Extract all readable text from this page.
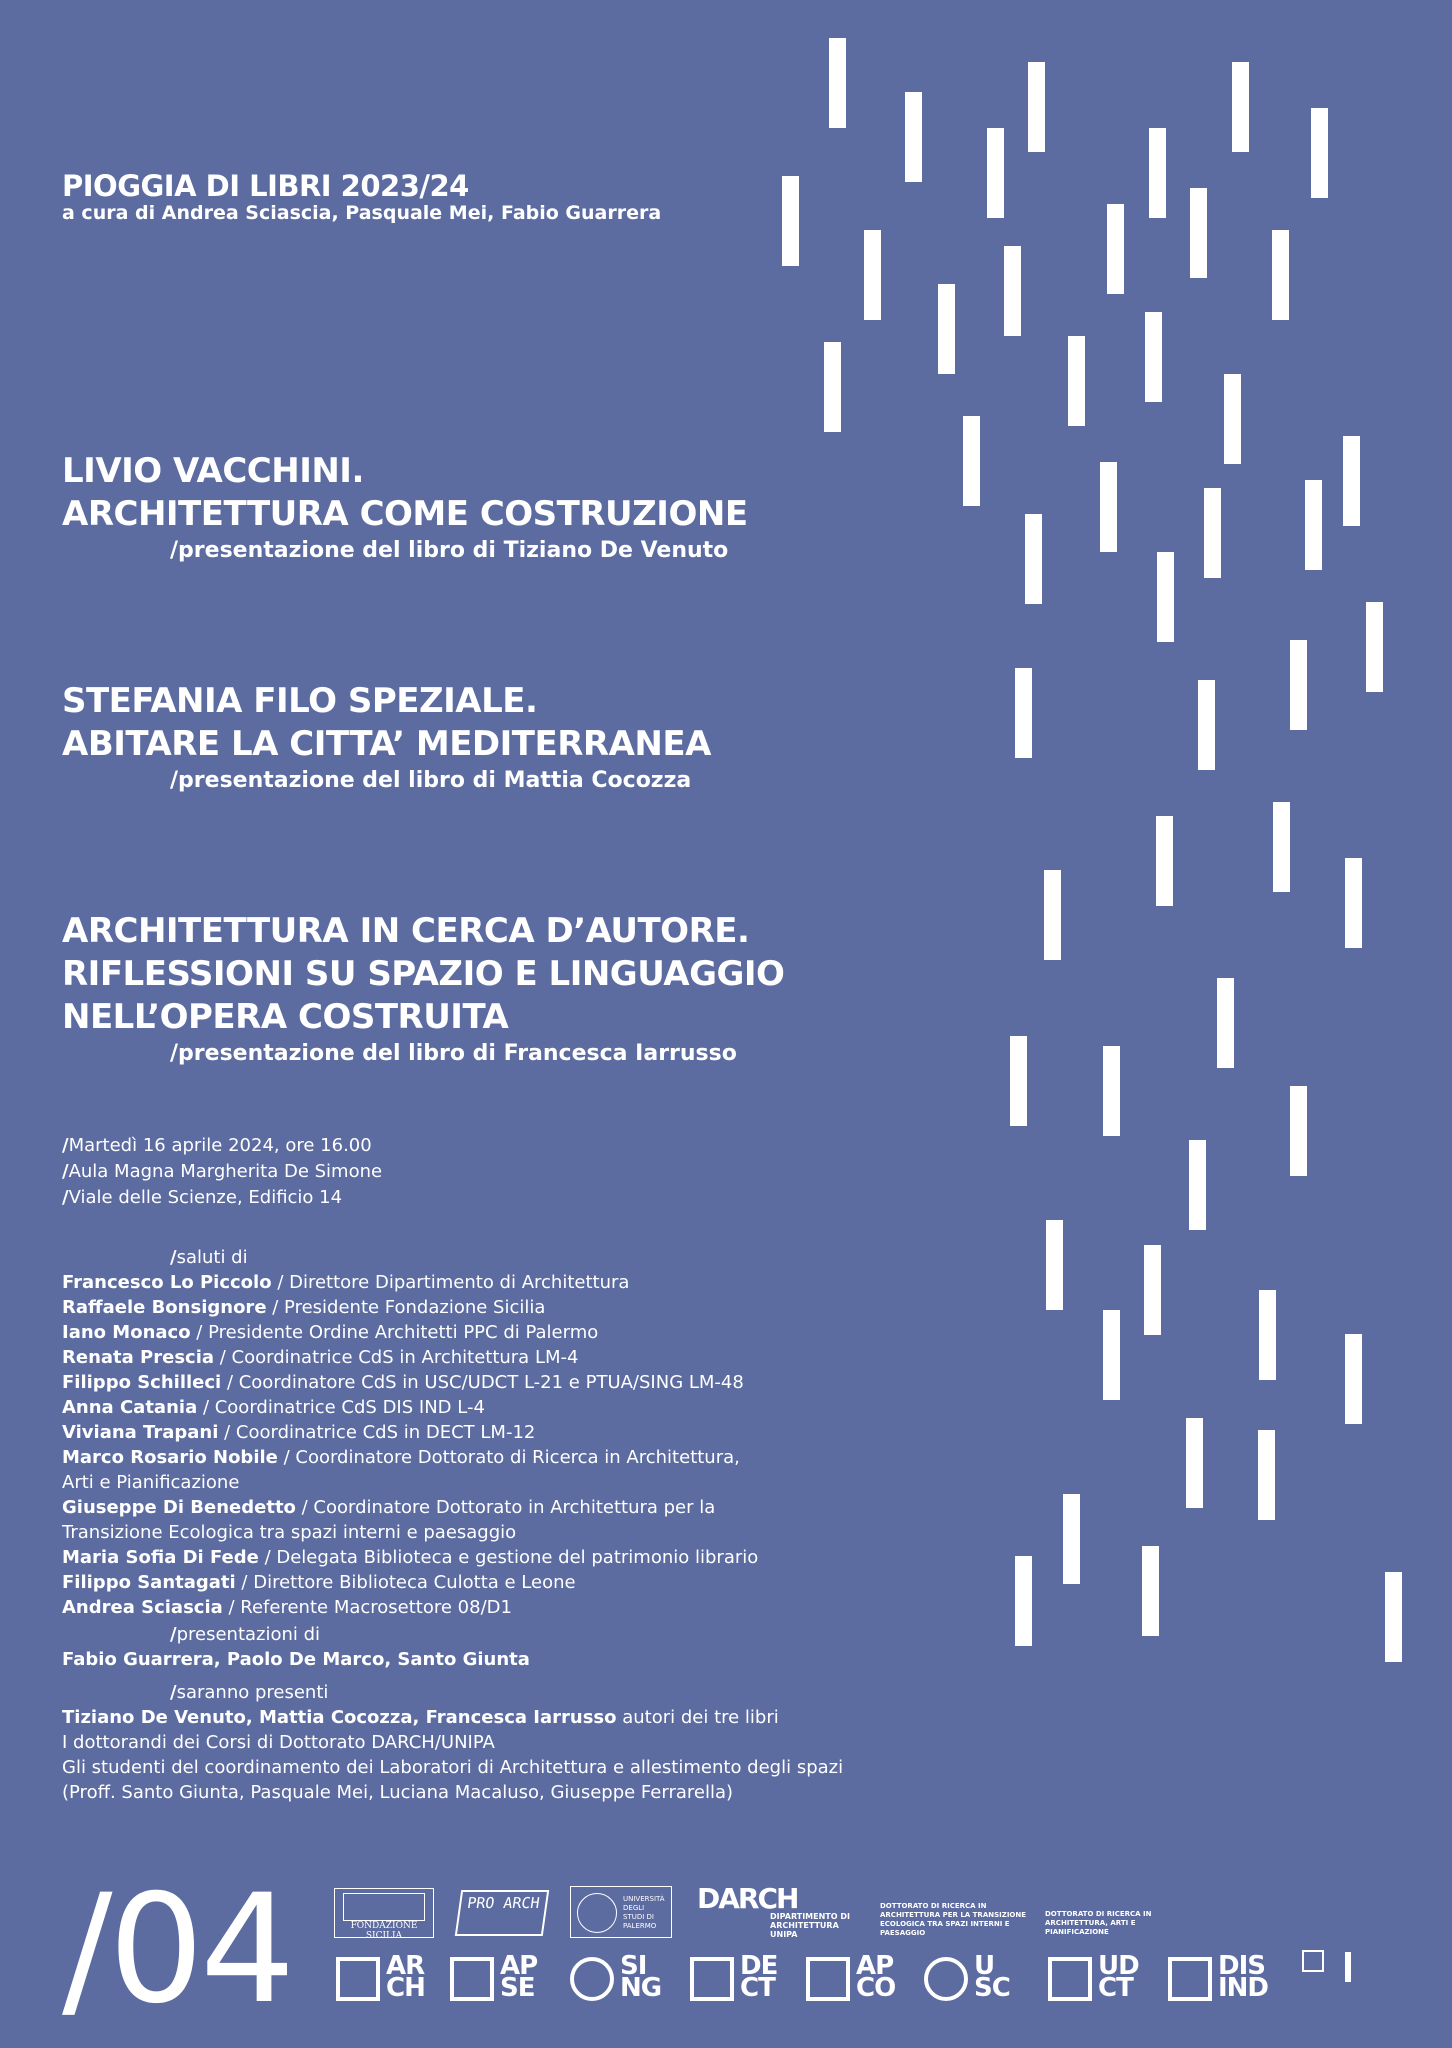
PIOGGIA DI LIBRI 2023/24
a cura di Andrea Sciascia, Pasquale Mei, Fabio Guarrera
LIVIO VACCHINI.
ARCHITETTURA COME COSTRUZIONE
/presentazione del libro di Tiziano De Venuto
STEFANIA FILO SPEZIALE.
ABITARE LA CITTA’ MEDITERRANEA
/presentazione del libro di Mattia Cocozza
ARCHITETTURA IN CERCA D’AUTORE.
RIFLESSIONI SU SPAZIO E LINGUAGGIO
NELL’OPERA COSTRUITA
/presentazione del libro di Francesca Iarrusso
/Martedì 16 aprile 2024, ore 16.00
/Aula Magna Margherita De Simone
/Viale delle Scienze, Edificio 14
/saluti di
Francesco Lo Piccolo / Direttore Dipartimento di Architettura
Raffaele Bonsignore / Presidente Fondazione Sicilia
Iano Monaco / Presidente Ordine Architetti PPC di Palermo
Renata Prescia / Coordinatrice CdS in Architettura LM-4
Filippo Schilleci / Coordinatore CdS in USC/UDCT L-21 e PTUA/SING LM-48
Anna Catania / Coordinatrice CdS DIS IND L-4
Viviana Trapani / Coordinatrice CdS in DECT LM-12
Marco Rosario Nobile / Coordinatore Dottorato di Ricerca in Architettura,
Arti e Pianificazione
Giuseppe Di Benedetto / Coordinatore Dottorato in Architettura per la
Transizione Ecologica tra spazi interni e paesaggio
Maria Sofia Di Fede / Delegata Biblioteca e gestione del patrimonio librario
Filippo Santagati / Direttore Biblioteca Culotta e Leone
Andrea Sciascia / Referente Macrosettore 08/D1
/presentazioni di
Fabio Guarrera, Paolo De Marco, Santo Giunta
/saranno presenti
Tiziano De Venuto, Mattia Cocozza, Francesca Iarrusso autori dei tre libri
I dottorandi dei Corsi di Dottorato DARCH/UNIPA
Gli studenti del coordinamento dei Laboratori di Architettura e allestimento degli spazi
(Proff. Santo Giunta, Pasquale Mei, Luciana Macaluso, Giuseppe Ferrarella)
/04	FONDAZIONE SICILIA
PRO ARCH	UNIVERSITÀ DEGLI STUDI DI PALERMO
DARCH
DIPARTIMENTO DI ARCHITETTURA UNIPA
DOTTORATO DI RICERCA IN ARCHITETTURA PER LA TRANSIZIONE ECOLOGICA TRA SPAZI INTERNI E PAESAGGIO
DOTTORATO DI RICERCA IN ARCHITETTURA, ARTI E PIANIFICAZIONE
AR CH
AP SE
SI NG
DE CT
AP CO
U SC
UD CT
DIS IND
